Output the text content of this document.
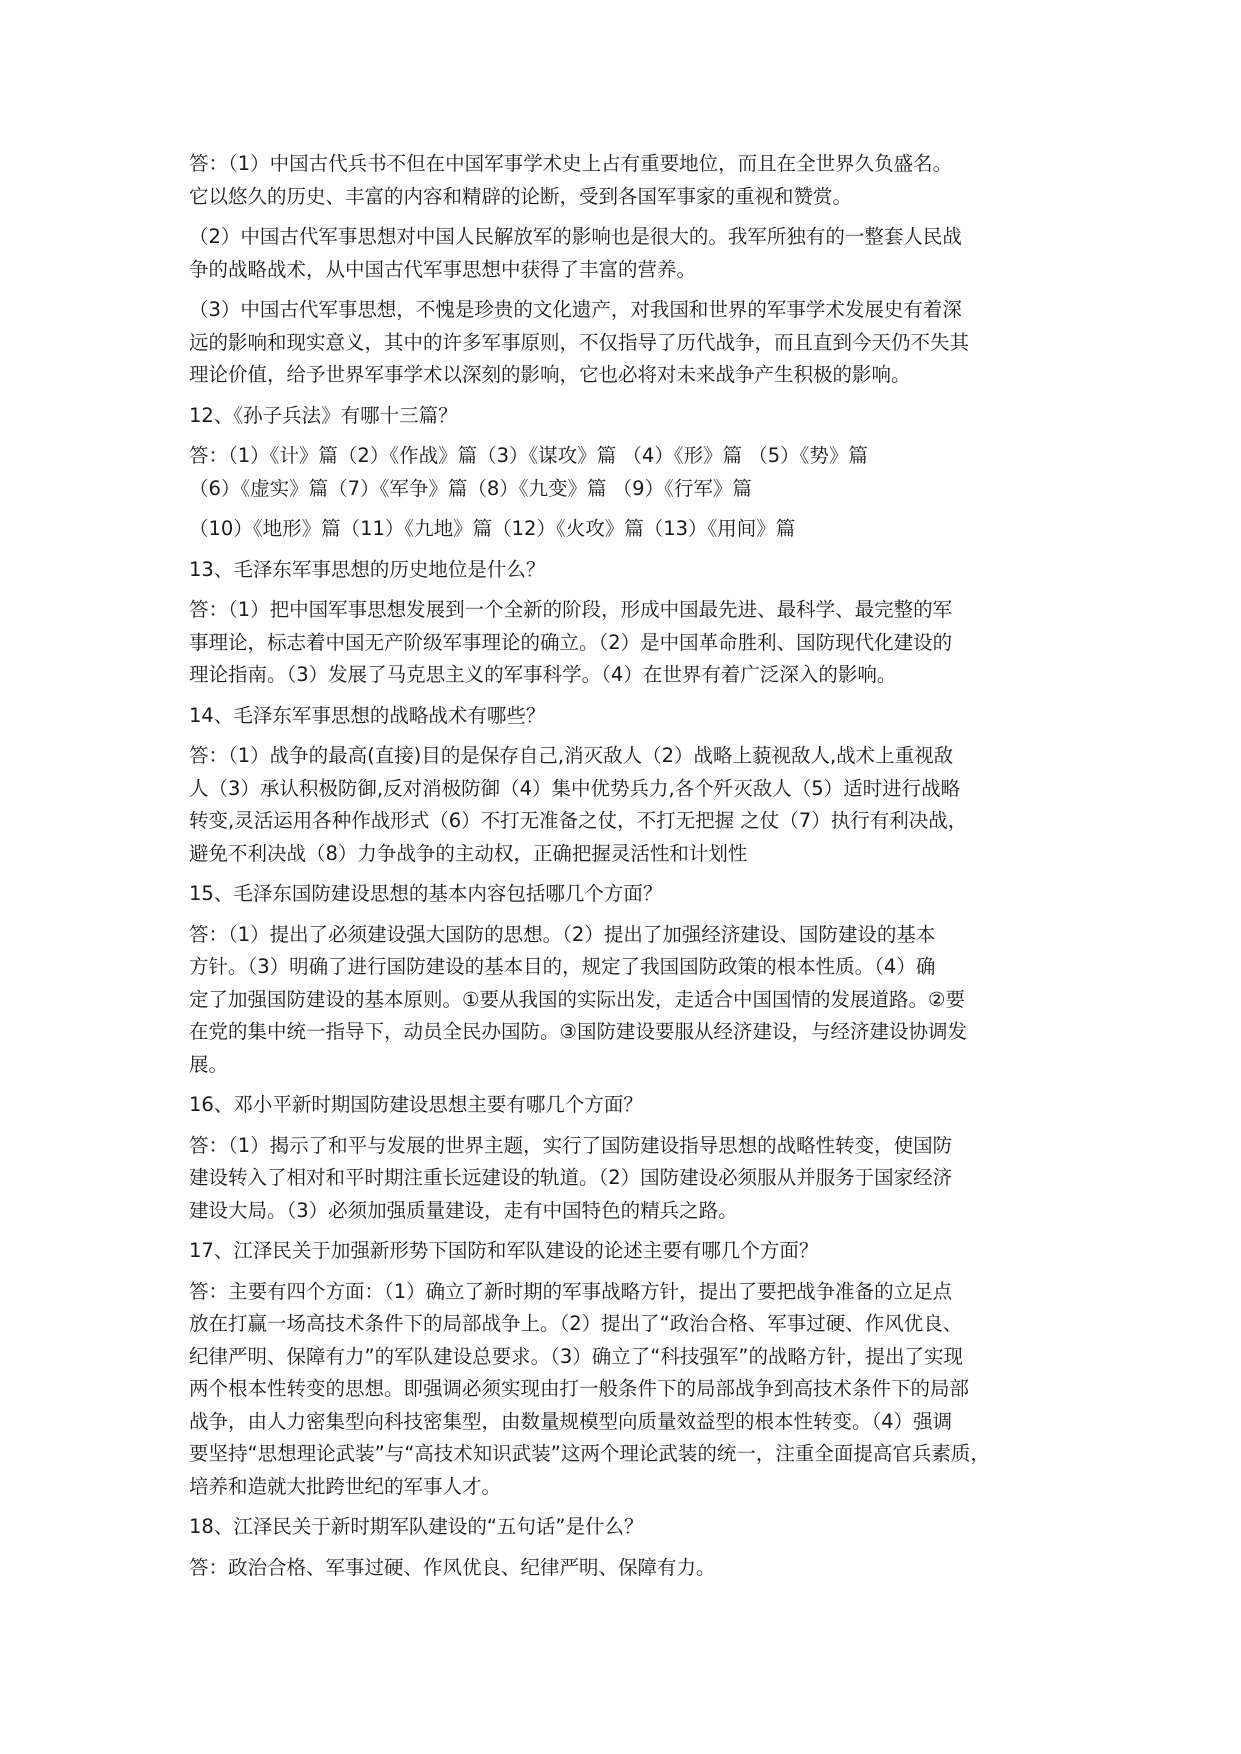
答：（1）中国古代兵书不但在中国军事学术史上占有重要地位，而且在全世界久负盛名。
它以悠久的历史、丰富的内容和精辟的论断，受到各国军事家的重视和赞赏。
（2）中国古代军事思想对中国人民解放军的影响也是很大的。我军所独有的一整套人民战
争的战略战术，从中国古代军事思想中获得了丰富的营养。
（3）中国古代军事思想，不愧是珍贵的文化遗产，对我国和世界的军事学术发展史有着深
远的影响和现实意义，其中的许多军事原则，不仅指导了历代战争，而且直到今天仍不失其
理论价值，给予世界军事学术以深刻的影响，它也必将对未来战争产生积极的影响。
12、《孙子兵法》有哪十三篇？
答：（1）《计》篇（2）《作战》篇（3）《谋攻》篇 （4）《形》篇 （5）《势》篇
（6）《虚实》篇（7）《军争》篇（8）《九变》篇 （9）《行军》篇
（10）《地形》篇（11）《九地》篇（12）《火攻》篇（13）《用间》篇
13、毛泽东军事思想的历史地位是什么？
答：（1）把中国军事思想发展到一个全新的阶段，形成中国最先进、最科学、最完整的军
事理论，标志着中国无产阶级军事理论的确立。（2）是中国革命胜利、国防现代化建设的
理论指南。（3）发展了马克思主义的军事科学。（4）在世界有着广泛深入的影响。
14、毛泽东军事思想的战略战术有哪些？
答：（1）战争的最高(直接)目的是保存自己,消灭敌人（2）战略上藐视敌人,战术上重视敌
人（3）承认积极防御,反对消极防御（4）集中优势兵力,各个歼灭敌人（5）适时进行战略
转变,灵活运用各种作战形式（6）不打无准备之仗，不打无把握 之仗（7）执行有利决战，
避免不利决战（8）力争战争的主动权，正确把握灵活性和计划性
15、毛泽东国防建设思想的基本内容包括哪几个方面？
答：（1）提出了必须建设强大国防的思想。（2）提出了加强经济建设、国防建设的基本
方针。（3）明确了进行国防建设的基本目的，规定了我国国防政策的根本性质。（4）确
定了加强国防建设的基本原则。①要从我国的实际出发，走适合中国国情的发展道路。②要
在党的集中统一指导下，动员全民办国防。③国防建设要服从经济建设，与经济建设协调发
展。
16、邓小平新时期国防建设思想主要有哪几个方面？
答：（1）揭示了和平与发展的世界主题，实行了国防建设指导思想的战略性转变，使国防
建设转入了相对和平时期注重长远建设的轨道。（2）国防建设必须服从并服务于国家经济
建设大局。（3）必须加强质量建设，走有中国特色的精兵之路。
17、江泽民关于加强新形势下国防和军队建设的论述主要有哪几个方面？
答：主要有四个方面：（1）确立了新时期的军事战略方针，提出了要把战争准备的立足点
放在打赢一场高技术条件下的局部战争上。（2）提出了“政治合格、军事过硬、作风优良、
纪律严明、保障有力”的军队建设总要求。（3）确立了“科技强军”的战略方针，提出了实现
两个根本性转变的思想。即强调必须实现由打一般条件下的局部战争到高技术条件下的局部
战争，由人力密集型向科技密集型，由数量规模型向质量效益型的根本性转变。（4）强调
要坚持“思想理论武装”与“高技术知识武装”这两个理论武装的统一，注重全面提高官兵素质，
培养和造就大批跨世纪的军事人才。
18、江泽民关于新时期军队建设的“五句话”是什么？
答：政治合格、军事过硬、作风优良、纪律严明、保障有力。
